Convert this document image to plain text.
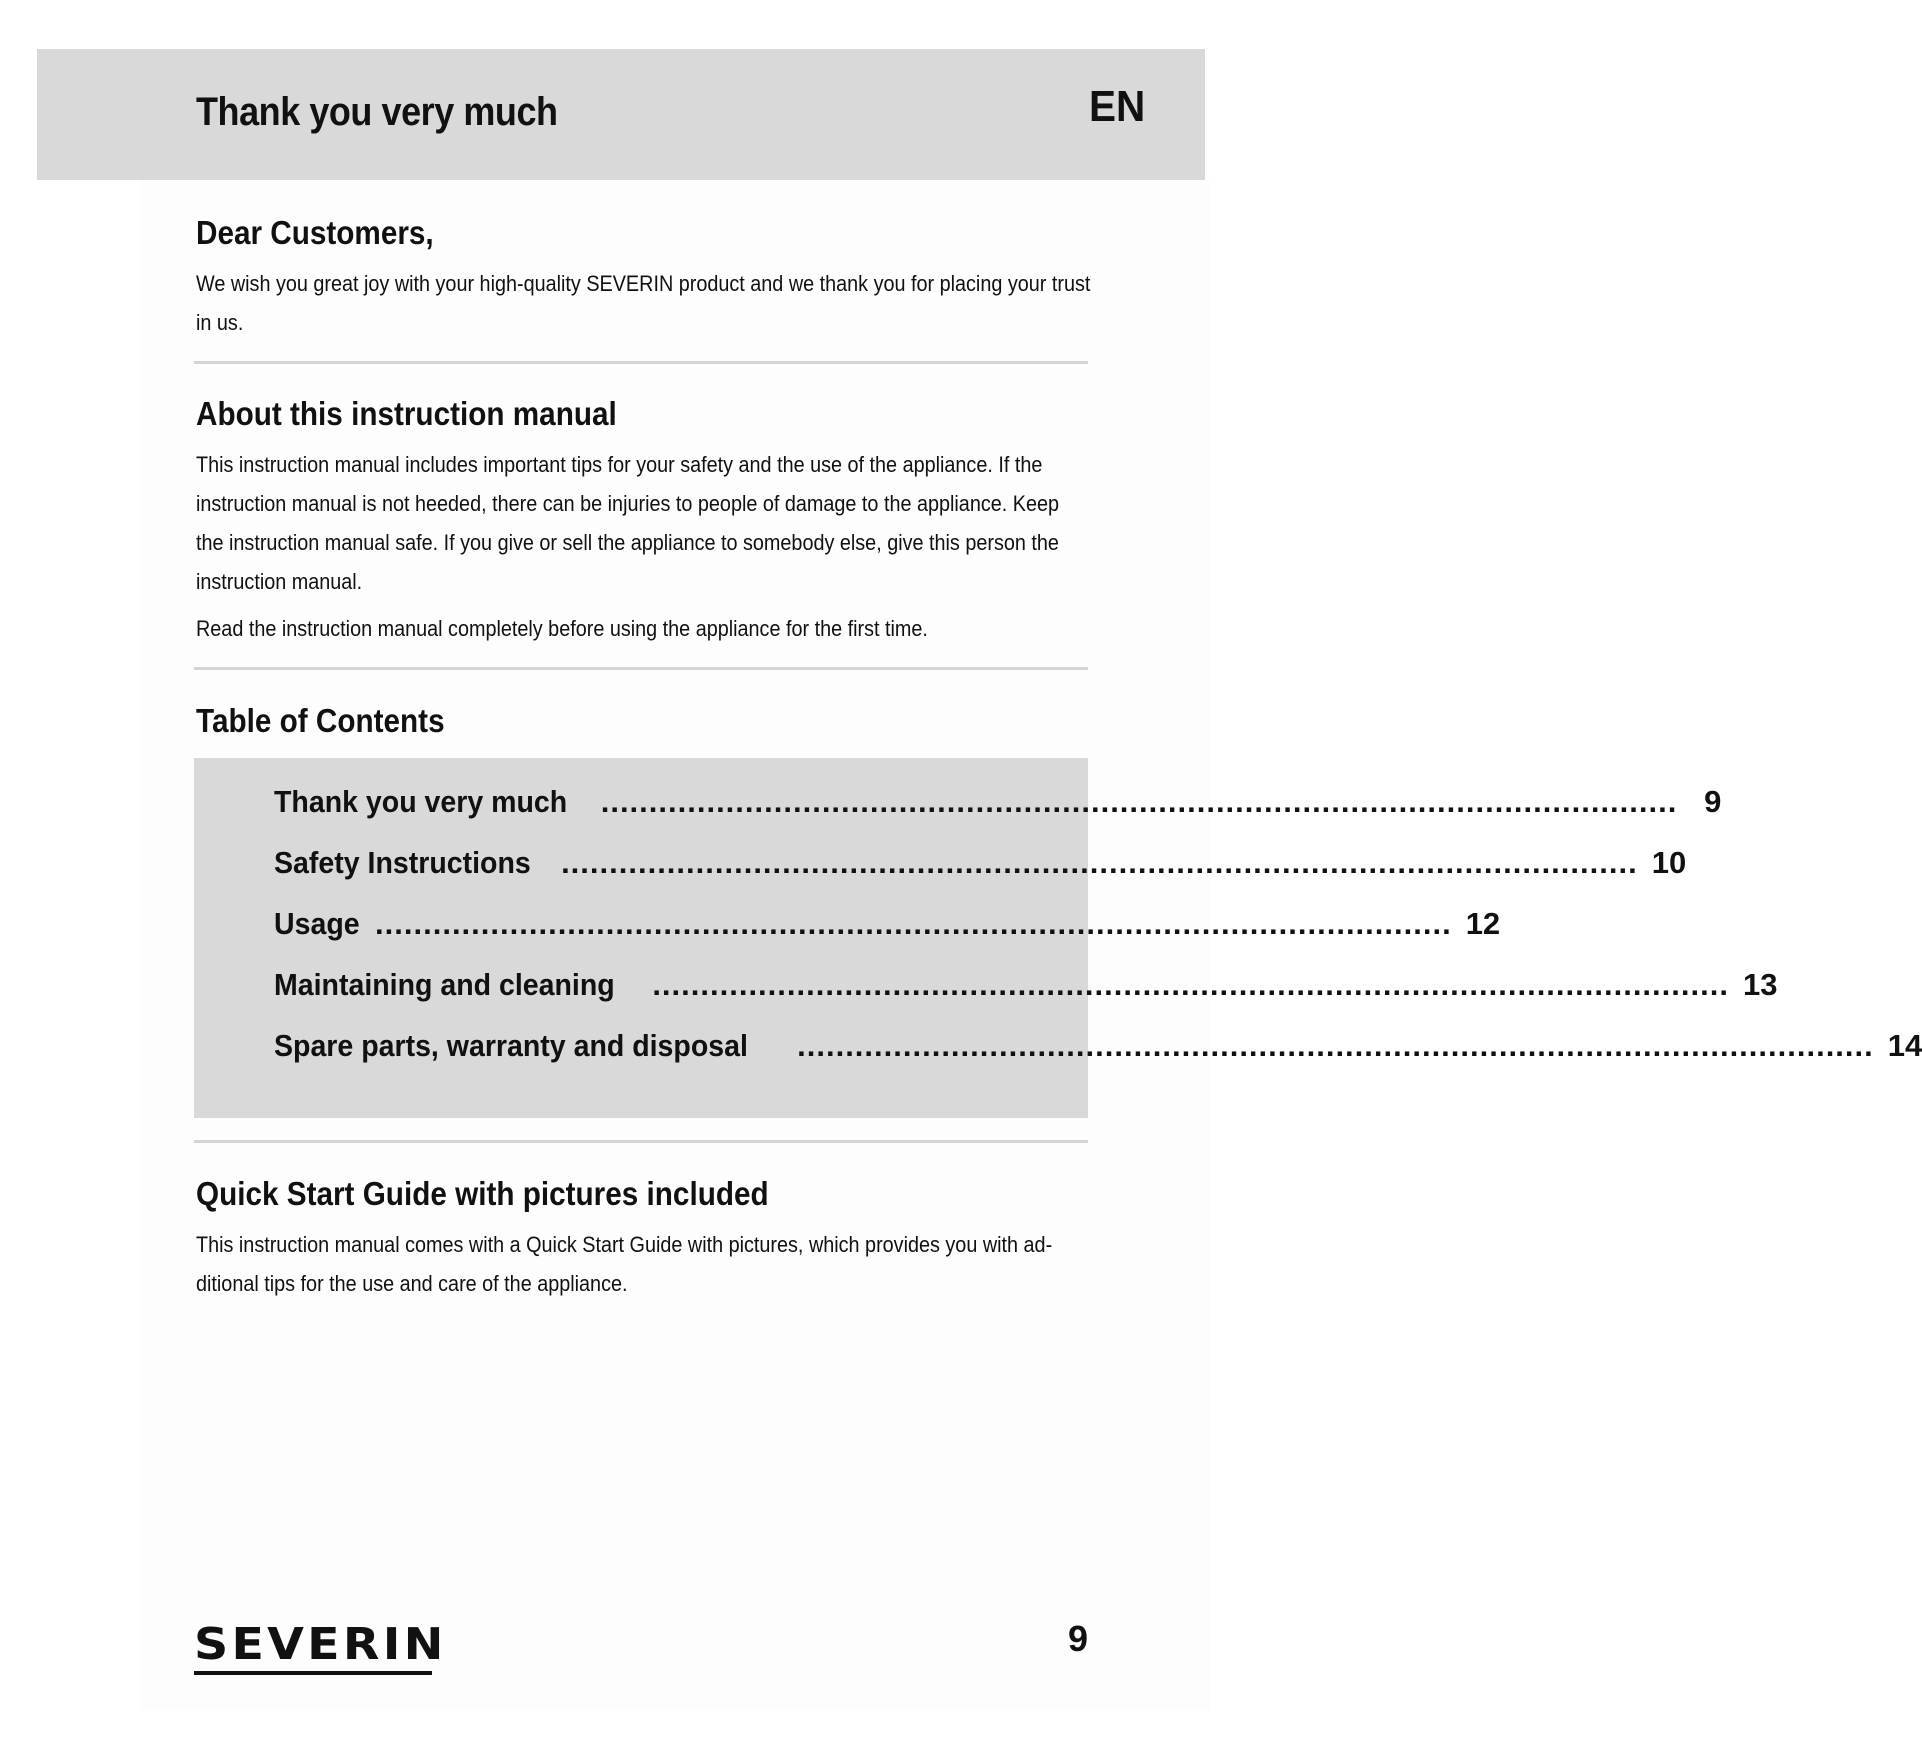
Thank you very much	EN
Dear Customers,

We wish you great joy with your high-quality SEVERIN product and we thank you for placing your trust in us.

About this instruction manual

This instruction manual includes important tips for your safety and the use of the appliance. If the instruction manual is not heeded, there can be injuries to people of damage to the appliance. Keep the instruction manual safe. If you give or sell the appliance to somebody else, give this person the instruction manual.

Read the instruction manual completely before using the appliance for the first time.

Table of Contents
Thank you very much ................................................................................................................ 9
Safety Instructions ................................................................................................................ 10
Usage ................................................................................................................ 12
Maintaining and cleaning ................................................................................................................ 13
Spare parts, warranty and disposal ................................................................................................................ 14
Quick Start Guide with pictures included

This instruction manual comes with a Quick Start Guide with pictures, which provides you with ad-ditional tips for the use and care of the appliance.

SEVERIN	9
